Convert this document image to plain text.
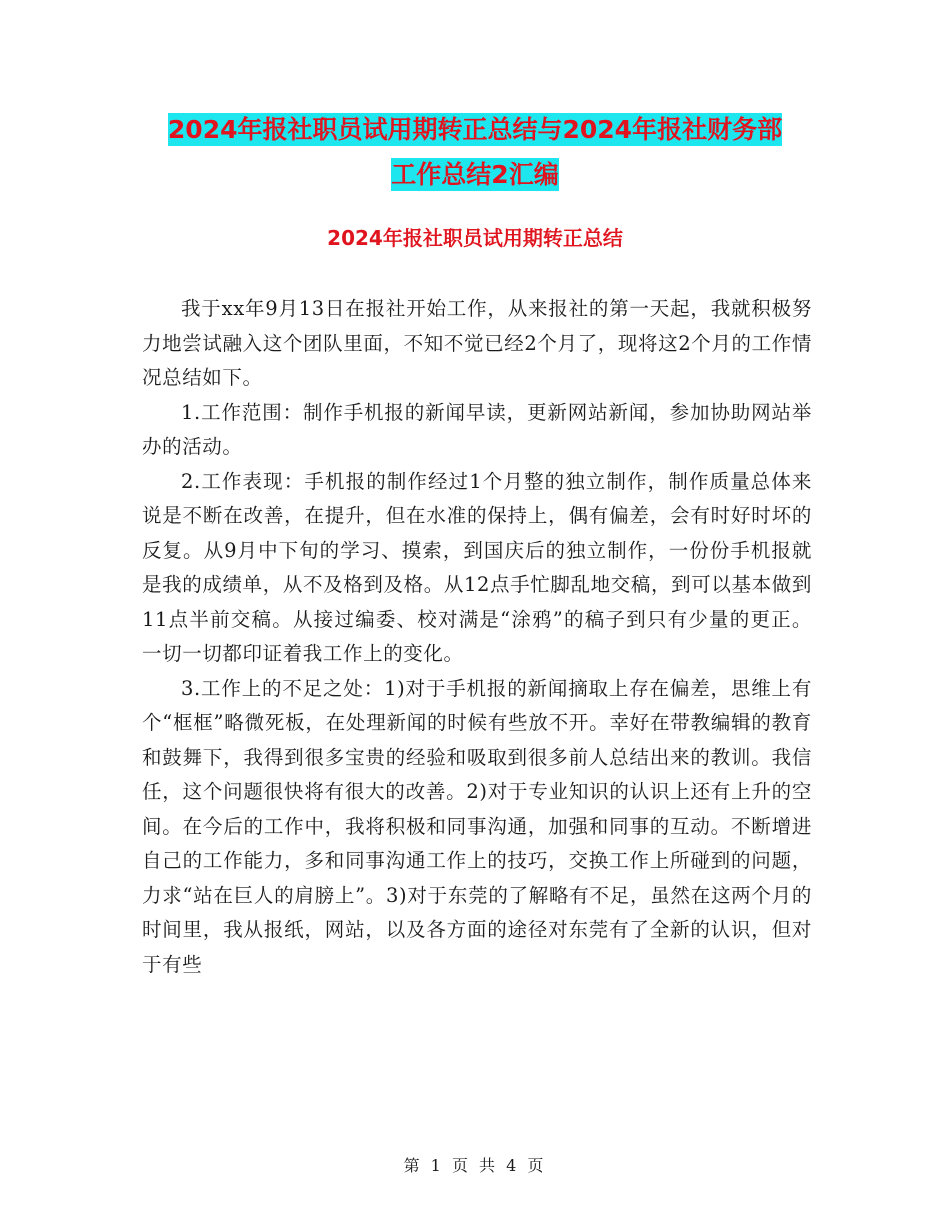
2024年报社职员试用期转正总结与2024年报社财务部
工作总结2汇编
2024年报社职员试用期转正总结

我于xx年9月13日在报社开始工作，从来报社的第一天起，我就积极努力地尝试融入这个团队里面，不知不觉已经2个月了，现将这2个月的工作情况总结如下。

1.工作范围：制作手机报的新闻早读，更新网站新闻，参加协助网站举办的活动。

2.工作表现：手机报的制作经过1个月整的独立制作，制作质量总体来说是不断在改善，在提升，但在水准的保持上，偶有偏差，会有时好时坏的反复。从9月中下旬的学习、摸索，到国庆后的独立制作，一份份手机报就是我的成绩单，从不及格到及格。从12点手忙脚乱地交稿，到可以基本做到11点半前交稿。从接过编委、校对满是“涂鸦”的稿子到只有少量的更正。一切一切都印证着我工作上的变化。

3.工作上的不足之处：1)对于手机报的新闻摘取上存在偏差，思维上有个“框框”略微死板，在处理新闻的时候有些放不开。幸好在带教编辑的教育和鼓舞下，我得到很多宝贵的经验和吸取到很多前人总结出来的教训。我信任，这个问题很快将有很大的改善。2)对于专业知识的认识上还有上升的空间。在今后的工作中，我将积极和同事沟通，加强和同事的互动。不断增进自己的工作能力，多和同事沟通工作上的技巧，交换工作上所碰到的问题，力求“站在巨人的肩膀上”。3)对于东莞的了解略有不足，虽然在这两个月的时间里，我从报纸，网站，以及各方面的途径对东莞有了全新的认识，但对于有些

第 1 页 共 4 页
